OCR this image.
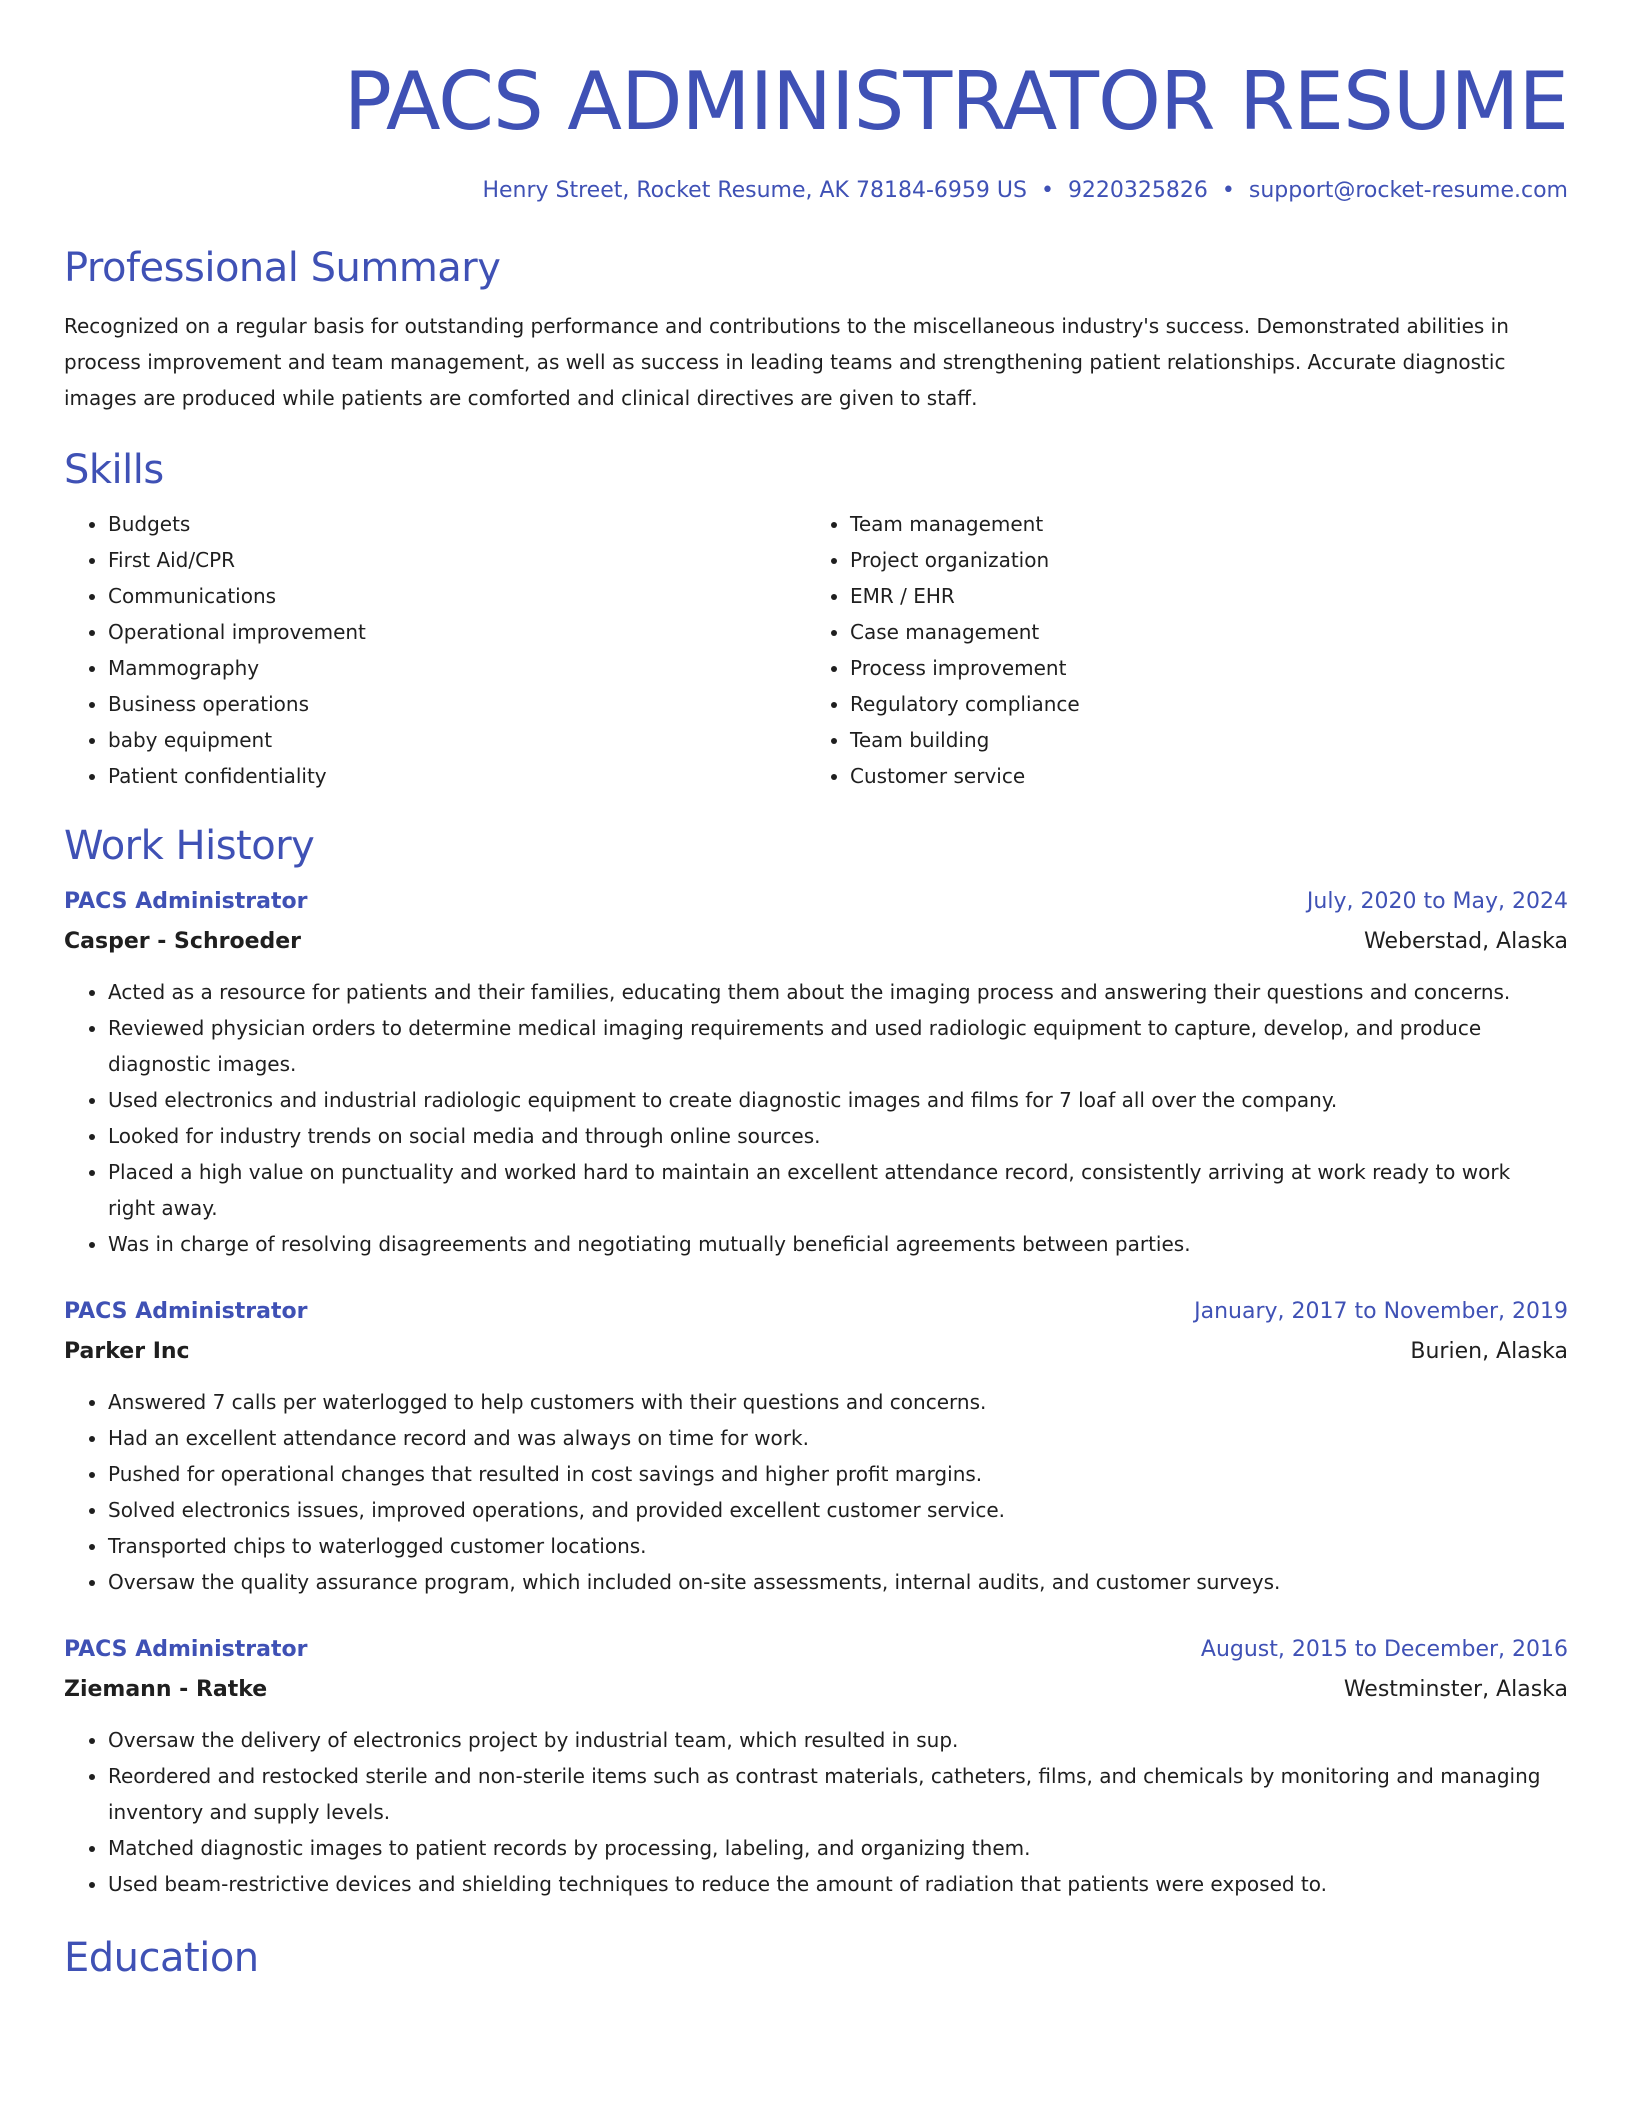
PACS ADMINISTRATOR RESUME
Henry Street, Rocket Resume, AK 78184-6959 US • 9220325826 • support@rocket-resume.com
Professional Summary

Recognized on a regular basis for outstanding performance and contributions to the miscellaneous industry's success. Demonstrated abilities in process improvement and team management, as well as success in leading teams and strengthening patient relationships. Accurate diagnostic images are produced while patients are comforted and clinical directives are given to staff.

Skills
• Budgets
• First Aid/CPR
• Communications
• Operational improvement
• Mammography
• Business operations
• baby equipment
• Patient confidentiality
• Team management
• Project organization
• EMR / EHR
• Case management
• Process improvement
• Regulatory compliance
• Team building
• Customer service
Work History
PACS Administrator	July, 2020 to May, 2024
Casper - Schroeder	Weberstad, Alaska
• Acted as a resource for patients and their families, educating them about the imaging process and answering their questions and concerns.
• Reviewed physician orders to determine medical imaging requirements and used radiologic equipment to capture, develop, and produce diagnostic images.
• Used electronics and industrial radiologic equipment to create diagnostic images and films for 7 loaf all over the company.
• Looked for industry trends on social media and through online sources.
• Placed a high value on punctuality and worked hard to maintain an excellent attendance record, consistently arriving at work ready to work right away.
• Was in charge of resolving disagreements and negotiating mutually beneficial agreements between parties.
PACS Administrator	January, 2017 to November, 2019
Parker Inc	Burien, Alaska
• Answered 7 calls per waterlogged to help customers with their questions and concerns.
• Had an excellent attendance record and was always on time for work.
• Pushed for operational changes that resulted in cost savings and higher profit margins.
• Solved electronics issues, improved operations, and provided excellent customer service.
• Transported chips to waterlogged customer locations.
• Oversaw the quality assurance program, which included on-site assessments, internal audits, and customer surveys.
PACS Administrator	August, 2015 to December, 2016
Ziemann - Ratke	Westminster, Alaska
• Oversaw the delivery of electronics project by industrial team, which resulted in sup.
• Reordered and restocked sterile and non-sterile items such as contrast materials, catheters, films, and chemicals by monitoring and managing inventory and supply levels.
• Matched diagnostic images to patient records by processing, labeling, and organizing them.
• Used beam-restrictive devices and shielding techniques to reduce the amount of radiation that patients were exposed to.
Education
